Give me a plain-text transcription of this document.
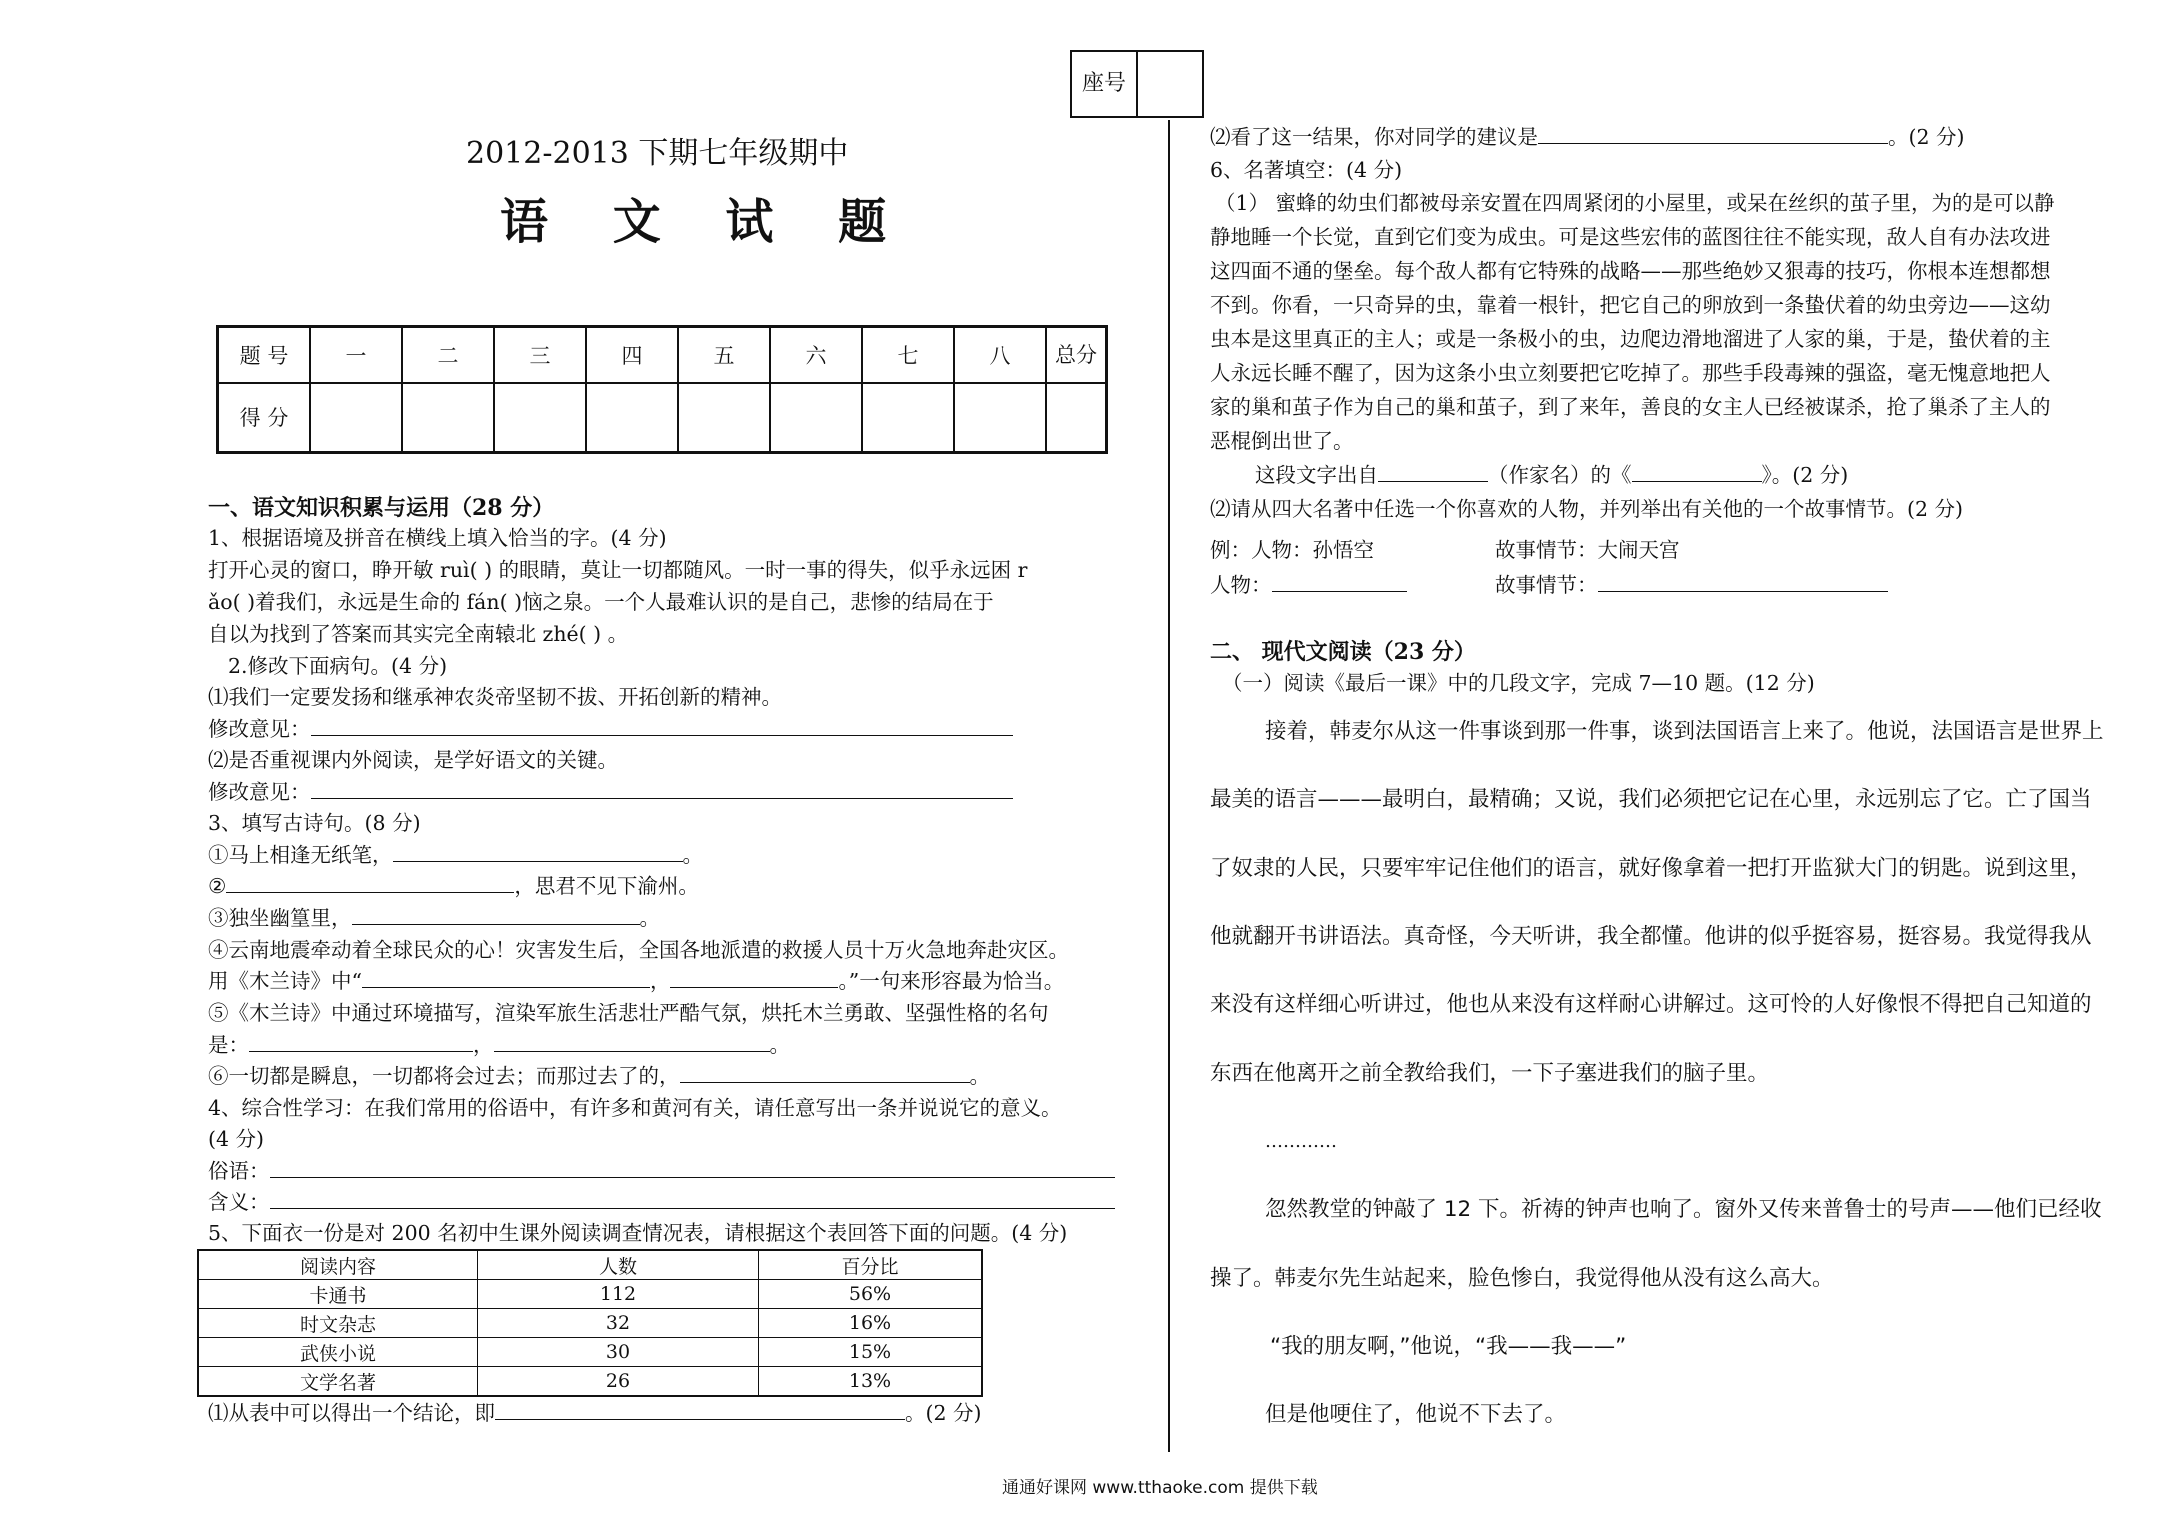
座号	
2012-2013 下期七年级期中
语 文 试 题
题 号	一	二	三	四	五	六	七	八	总分
得 分									
一、语文知识积累与运用（28 分）
1、根据语境及拼音在横线上填入恰当的字。(4 分)
打开心灵的窗口，睁开敏 ruì( ) 的眼睛，莫让一切都随风。一时一事的得失，似乎永远困 r
ǎo( )着我们，永远是生命的 fán( )恼之泉。一个人最难认识的是自己，悲惨的结局在于
自以为找到了答案而其实完全南辕北 zhé( ) 。
2.修改下面病句。(4 分)
⑴我们一定要发扬和继承神农炎帝坚韧不拔、开拓创新的精神。
修改意见：
⑵是否重视课内外阅读，是学好语文的关键。
修改意见：
3、填写古诗句。(8 分)
①马上相逢无纸笔，	。
②	，思君不见下渝州。
③独坐幽篁里，	。
④云南地震牵动着全球民众的心！灾害发生后，全国各地派遣的救援人员十万火急地奔赴灾区。
用《木兰诗》中“	，	。”一句来形容最为恰当。
⑤《木兰诗》中通过环境描写，渲染军旅生活悲壮严酷气氛，烘托木兰勇敢、坚强性格的名句
是：	，	。
⑥一切都是瞬息，一切都将会过去；而那过去了的，	。
4、综合性学习：在我们常用的俗语中，有许多和黄河有关，请任意写出一条并说说它的意义。
(4 分)
俗语：
含义：
5、下面衣一份是对 200 名初中生课外阅读调查情况表，请根据这个表回答下面的问题。(4 分)
阅读内容	人数	百分比
卡通书	112	56%
时文杂志	32	16%
武侠小说	30	15%
文学名著	26	13%
⑴从表中可以得出一个结论，即	。(2 分)
⑵看了这一结果，你对同学的建议是	。(2 分)
6、名著填空：(4 分)
（1） 蜜蜂的幼虫们都被母亲安置在四周紧闭的小屋里，或呆在丝织的茧子里，为的是可以静
静地睡一个长觉，直到它们变为成虫。可是这些宏伟的蓝图往往不能实现，敌人自有办法攻进
这四面不通的堡垒。每个敌人都有它特殊的战略——那些绝妙又狠毒的技巧，你根本连想都想
不到。你看，一只奇异的虫，靠着一根针，把它自己的卵放到一条蛰伏着的幼虫旁边——这幼
虫本是这里真正的主人；或是一条极小的虫，边爬边滑地溜进了人家的巢，于是，蛰伏着的主
人永远长睡不醒了，因为这条小虫立刻要把它吃掉了。那些手段毒辣的强盗，毫无愧意地把人
家的巢和茧子作为自己的巢和茧子，到了来年，善良的女主人已经被谋杀，抢了巢杀了主人的
恶棍倒出世了。
这段文字出自	（作家名）的《	》。(2 分)
⑵请从四大名著中任选一个你喜欢的人物，并列举出有关他的一个故事情节。(2 分)
例：人物：孙悟空	故事情节：大闹天宫
人物：	故事情节：
二、 现代文阅读（23 分）
（一）阅读《最后一课》中的几段文字，完成 7—10 题。(12 分)
接着，韩麦尔从这一件事谈到那一件事，谈到法国语言上来了。他说，法国语言是世界上
最美的语言———最明白，最精确；又说，我们必须把它记在心里，永远别忘了它。亡了国当
了奴隶的人民，只要牢牢记住他们的语言，就好像拿着一把打开监狱大门的钥匙。说到这里，
他就翻开书讲语法。真奇怪，今天听讲，我全都懂。他讲的似乎挺容易，挺容易。我觉得我从
来没有这样细心听讲过，他也从来没有这样耐心讲解过。这可怜的人好像恨不得把自己知道的
东西在他离开之前全教给我们，一下子塞进我们的脑子里。
…………
忽然教堂的钟敲了 12 下。祈祷的钟声也响了。窗外又传来普鲁士的号声——他们已经收
操了。韩麦尔先生站起来，脸色惨白，我觉得他从没有这么高大。
“我的朋友啊，”他说，“我——我——”
但是他哽住了，他说不下去了。
通通好课网 www.tthaoke.com 提供下载
